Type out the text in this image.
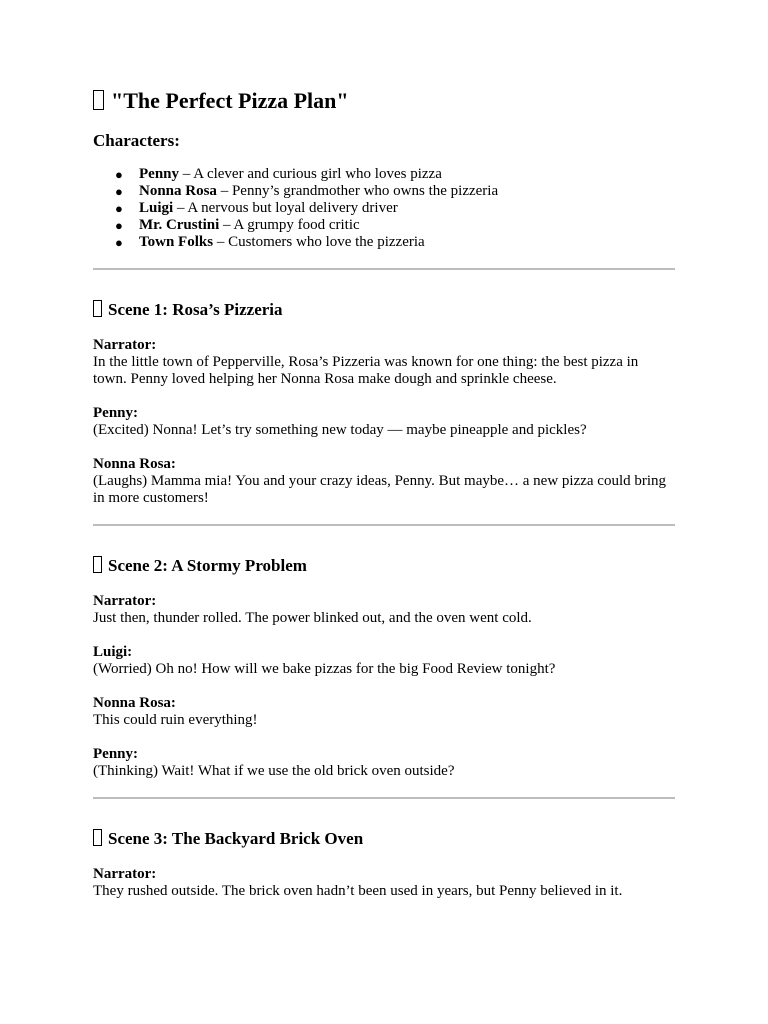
"The Perfect Pizza Plan"
Characters:
● Penny – A clever and curious girl who loves pizza
● Nonna Rosa – Penny’s grandmother who owns the pizzeria
● Luigi – A nervous but loyal delivery driver
● Mr. Crustini – A grumpy food critic
● Town Folks – Customers who love the pizzeria
Scene 1: Rosa’s Pizzeria

Narrator:

In the little town of Pepperville, Rosa’s Pizzeria was known for one thing: the best pizza in town. Penny loved helping her Nonna Rosa make dough and sprinkle cheese.

Penny:

(Excited) Nonna! Let’s try something new today — maybe pineapple and pickles?

Nonna Rosa:

(Laughs) Mamma mia! You and your crazy ideas, Penny. But maybe… a new pizza could bring in more customers!

Scene 2: A Stormy Problem

Narrator:

Just then, thunder rolled. The power blinked out, and the oven went cold.

Luigi:

(Worried) Oh no! How will we bake pizzas for the big Food Review tonight?

Nonna Rosa:

This could ruin everything!

Penny:

(Thinking) Wait! What if we use the old brick oven outside?

Scene 3: The Backyard Brick Oven

Narrator:

They rushed outside. The brick oven hadn’t been used in years, but Penny believed in it.
